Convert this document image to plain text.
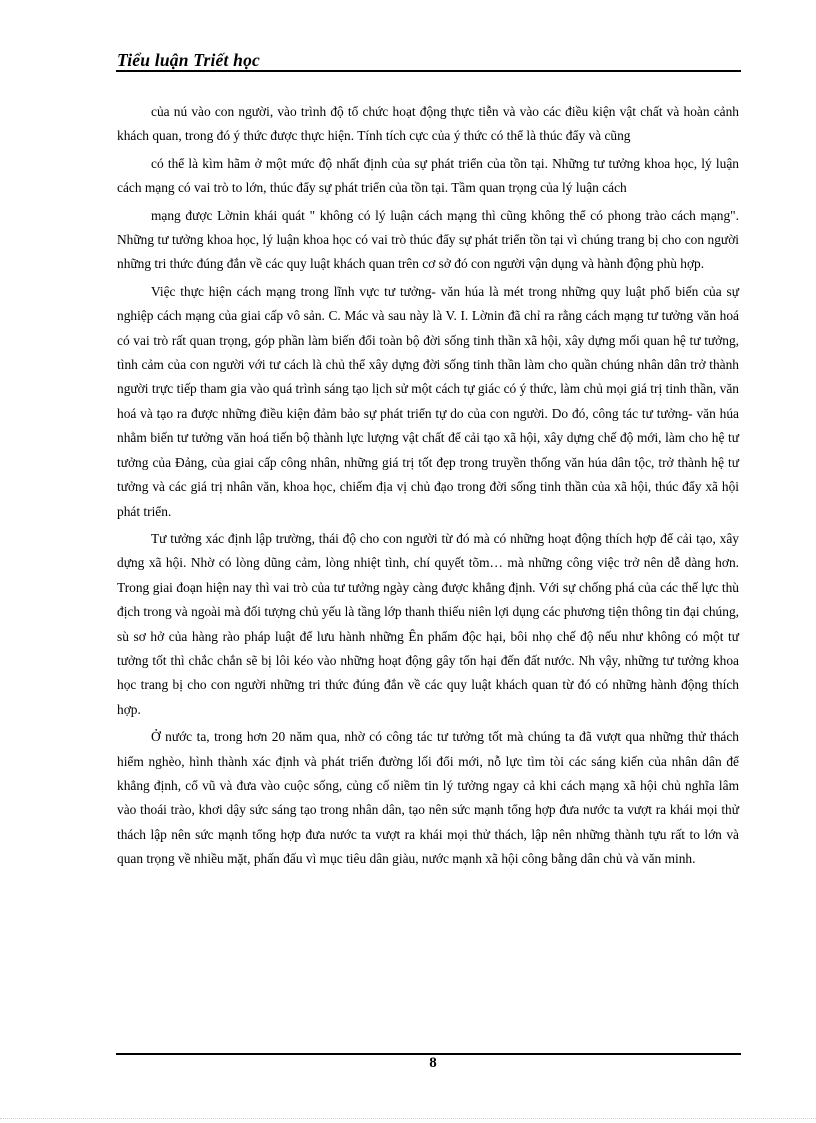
Tiểu luận Triết học

của nú vào con người, vào trình độ tổ chức hoạt động thực tiễn và vào các điều kiện vật chất và hoàn cảnh khách quan, trong đó ý thức được thực hiện. Tính tích cực của ý thức có thể là thúc đẩy và cũng

có thể là kìm hãm ở một mức độ nhất định của sự phát triển của tồn tại. Những tư tưởng khoa học, lý luận cách mạng có vai trò to lớn, thúc đẩy sự phát triển của tồn tại. Tầm quan trọng của lý luận cách

mạng được Lờnin khái quát " không có lý luận cách mạng thì cũng không thể có phong trào cách mạng". Những tư tưởng khoa học, lý luận khoa học có vai trò thúc đẩy sự phát triển tồn tại vì chúng trang bị cho con người những tri thức đúng đắn về các quy luật khách quan trên cơ sở đó con người vận dụng và hành động phù hợp.

Việc thực hiện cách mạng trong lĩnh vực tư tưởng- văn húa là mét trong những quy luật phổ biến của sự nghiệp cách mạng của giai cấp vô sản. C. Mác và sau này là V. I. Lờnin đã chỉ ra rằng cách mạng tư tưởng văn hoá có vai trò rất quan trọng, góp phần làm biến đổi toàn bộ đời sống tinh thần xã hội, xây dựng mối quan hệ tư tưởng, tình cảm của con người với tư cách là chủ thể xây dựng đời sống tinh thần làm cho quần chúng nhân dân trở thành người trực tiếp tham gia vào quá trình sáng tạo lịch sử một cách tự giác có ý thức, làm chủ mọi giá trị tinh thần, văn hoá và tạo ra được những điều kiện đảm bảo sự phát triển tự do của con người. Do đó, công tác tư tưởng- văn húa nhằm biến tư tưởng văn hoá tiến bộ thành lực lượng vật chất để cải tạo xã hội, xây dựng chế độ mới, làm cho hệ tư tưởng của Đảng, của giai cấp công nhân, những giá trị tốt đẹp trong truyền thống văn húa dân tộc, trở thành hệ tư tưởng và các giá trị nhân văn, khoa học, chiếm địa vị chủ đạo trong đời sống tinh thần của xã hội, thúc đẩy xã hội phát triển.

Tư tưởng xác định lập trường, thái độ cho con người từ đó mà có những hoạt động thích hợp để cải tạo, xây dựng xã hội. Nhờ có lòng dũng cảm, lòng nhiệt tình, chí quyết tõm… mà những công việc trở nên dễ dàng hơn. Trong giai đoạn hiện nay thì vai trò của tư tưởng ngày càng được khẳng định. Với sự chống phá của các thế lực thù địch trong và ngoài mà đối tượng chủ yếu là tầng lớp thanh thiếu niên lợi dụng các phương tiện thông tin đại chúng, sù sơ hở của hàng rào pháp luật để lưu hành những Ên phẩm độc hại, bôi nhọ chế độ nếu như không có một tư tưởng tốt thì chắc chắn sẽ bị lôi kéo vào những hoạt động gây tổn hại đến đất nước. Nh vậy, những tư tưởng khoa học trang bị cho con người những tri thức đúng đắn về các quy luật khách quan từ đó có những hành động thích hợp.

Ở nước ta, trong hơn 20 năm qua, nhờ có công tác tư tưởng tốt mà chúng ta đã vượt qua những thử thách hiểm nghèo, hình thành xác định và phát triển đường lối đổi mới, nỗ lực tìm tòi các sáng kiến của nhân dân để khẳng định, cổ vũ và đưa vào cuộc sống, củng cố niềm tin lý tưởng ngay cả khi cách mạng xã hội chủ nghĩa lâm vào thoái trào, khơi dậy sức sáng tạo trong nhân dân, tạo nên sức mạnh tổng hợp đưa nước ta vượt ra khái mọi thử thách lập nên sức mạnh tổng hợp đưa nước ta vượt ra khái mọi thử thách, lập nên những thành tựu rất to lớn và quan trọng về nhiều mặt, phấn đấu vì mục tiêu dân giàu, nước mạnh xã hội công bằng dân chủ và văn minh.

8
